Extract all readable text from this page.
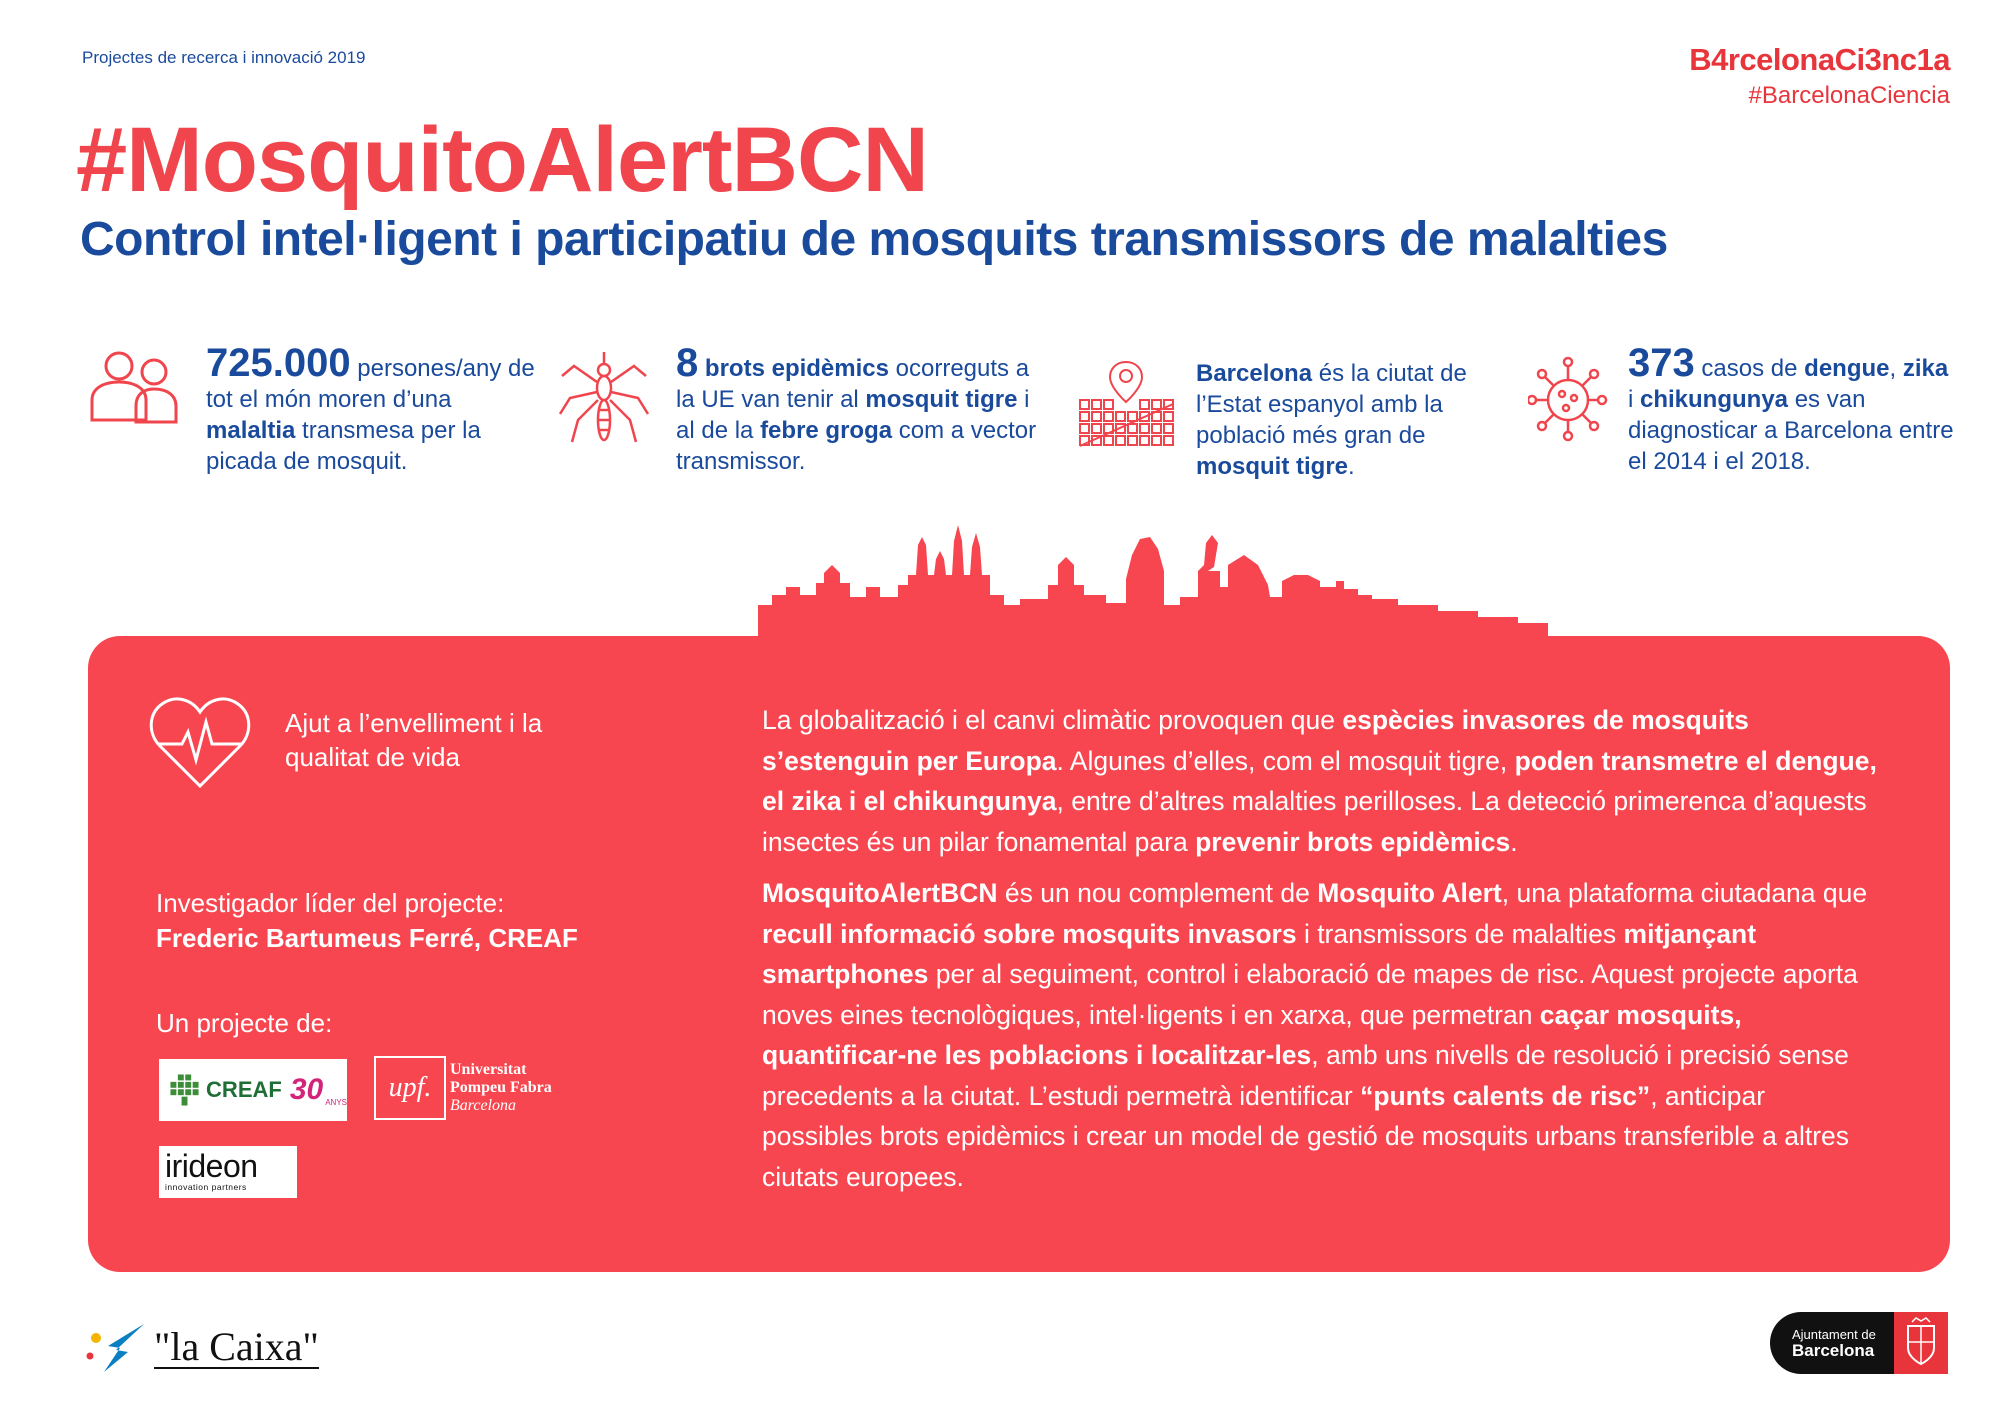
Projectes de recerca i innovació 2019	B4rcelonaCi3nc1a
#BarcelonaCiencia
#MosquitoAlertBCN
Control intel·ligent i participatiu de mosquits transmissors de malalties
725.000 persones/any de tot el món moren d’una malaltia transmesa per la picada de mosquit.
8 brots epidèmics ocorreguts a la UE van tenir al mosquit tigre i al de la febre groga com a vector transmissor.
Barcelona és la ciutat de l’Estat espanyol amb la població més gran de mosquit tigre.
373 casos de dengue, zika i chikungunya es van diagnosticar a Barcelona entre el 2014 i el 2018.
Ajut a l’envelliment i la qualitat de vida
Investigador líder del projecte:
Frederic Bartumeus Ferré, CREAF
Un projecte de:
CREAF 30 ANYS upf.
Universitat
Pompeu Fabra
Barcelona
irideon
innovation partners

La globalització i el canvi climàtic provoquen que espècies invasores de mosquits s’estenguin per Europa. Algunes d’elles, com el mosquit tigre, poden transmetre el dengue, el zika i el chikungunya, entre d’altres malalties perilloses. La detecció primerenca d’aquests insectes és un pilar fonamental para prevenir brots epidèmics.

MosquitoAlertBCN és un nou complement de Mosquito Alert, una plataforma ciutadana que recull informació sobre mosquits invasors i transmissors de malalties mitjançant smartphones per al seguiment, control i elaboració de mapes de risc. Aquest projecte aporta noves eines tecnològiques, intel·ligents i en xarxa, que permetran caçar mosquits, quantificar-ne les poblacions i localitzar-les, amb uns nivells de resolució i precisió sense precedents a la ciutat. L’estudi permetrà identificar “punts calents de risc”, anticipar possibles brots epidèmics i crear un model de gestió de mosquits urbans transferible a altres ciutats europees.

"la Caixa"	Ajuntament de
Barcelona
